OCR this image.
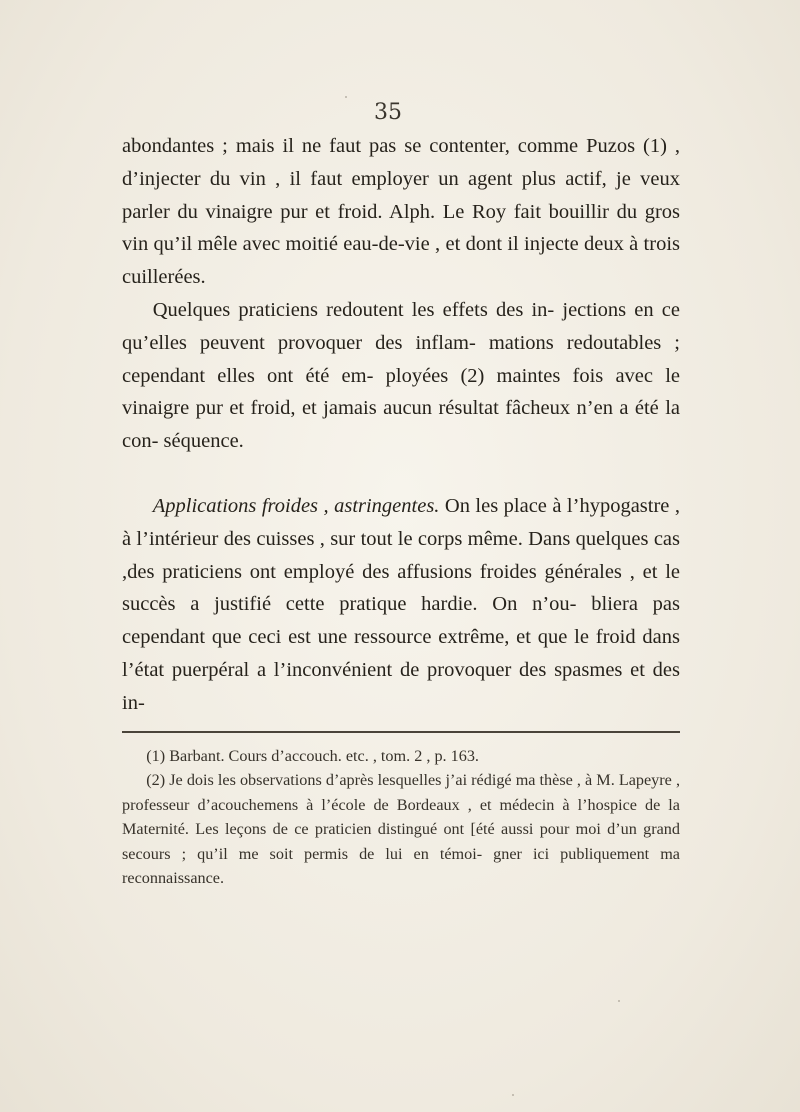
35

abondantes ; mais il ne faut pas se contenter, comme Puzos (1) , d’injecter du vin , il faut employer un agent plus actif, je veux parler du vinaigre pur et froid. Alph. Le Roy fait bouillir du gros vin qu’il mêle avec moitié eau-de-vie , et dont il injecte deux à trois cuillerées.

Quelques praticiens redoutent les effets des in- jections en ce qu’elles peuvent provoquer des inflam- mations redoutables ; cependant elles ont été em- ployées (2) maintes fois avec le vinaigre pur et froid, et jamais aucun résultat fâcheux n’en a été la con- séquence.

Applications froides , astringentes. On les place à l’hypogastre , à l’intérieur des cuisses , sur tout le corps même. Dans quelques cas ,des praticiens ont employé des affusions froides générales , et le succès a justifié cette pratique hardie. On n’ou- bliera pas cependant que ceci est une ressource extrême, et que le froid dans l’état puerpéral a l’inconvénient de provoquer des spasmes et des in-

(1) Barbant. Cours d’accouch. etc. , tom. 2 , p. 163.

(2) Je dois les observations d’après lesquelles j’ai rédigé ma thèse , à M. Lapeyre , professeur d’acouchemens à l’école de Bordeaux , et médecin à l’hospice de la Maternité. Les leçons de ce praticien distingué ont [été aussi pour moi d’un grand secours ; qu’il me soit permis de lui en témoi- gner ici publiquement ma reconnaissance.
